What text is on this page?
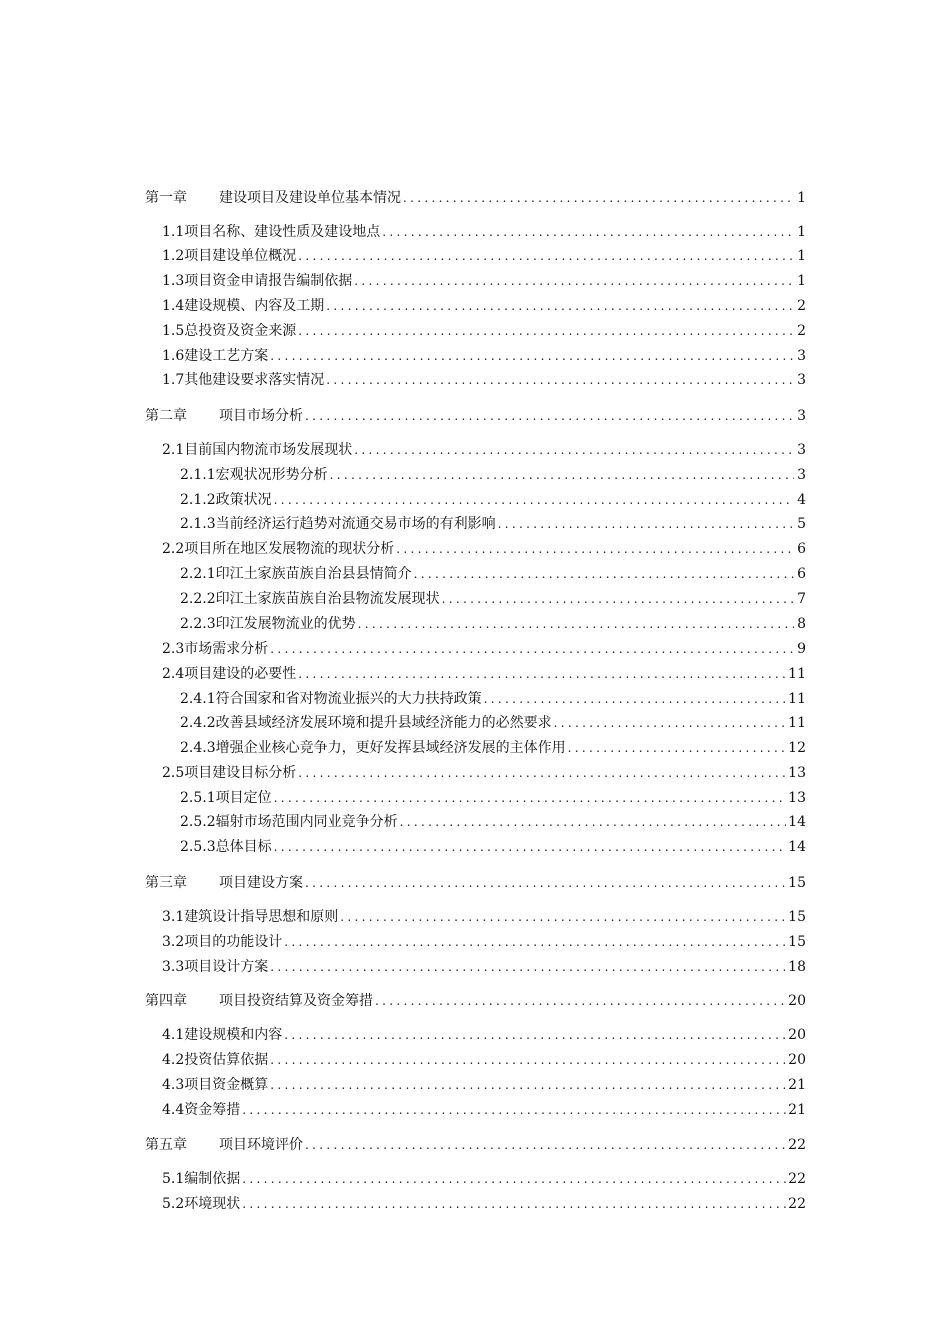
第一章 建设项目及建设单位基本情况 .....	1
1.1 项目名称、建设性质及建设地点 .....	1
1.2 项目建设单位概况 .....	1
1.3 项目资金申请报告编制依据 .....	1
1.4 建设规模、内容及工期 .....	2
1.5 总投资及资金来源 .....	2
1.6 建设工艺方案 .....	3
1.7 其他建设要求落实情况 .....	3
第二章 项目市场分析 .....	3
2.1 目前国内物流市场发展现状 .....	3
2.1.1 宏观状况形势分析 .....	3
2.1.2 政策状况 .....	4
2.1.3 当前经济运行趋势对流通交易市场的有利影响 .....	5
2.2 项目所在地区发展物流的现状分析 .....	6
2.2.1 印江土家族苗族自治县县情简介 .....	6
2.2.2 印江土家族苗族自治县物流发展现状 .....	7
2.2.3 印江发展物流业的优势 .....	8
2.3 市场需求分析 .....	9
2.4 项目建设的必要性 .....	11
2.4.1 符合国家和省对物流业振兴的大力扶持政策 .....	11
2.4.2 改善县域经济发展环境和提升县域经济能力的必然要求 .....	11
2.4.3 增强企业核心竞争力，更好发挥县域经济发展的主体作用 .....	12
2.5 项目建设目标分析 .....	13
2.5.1 项目定位 .....	13
2.5.2 辐射市场范围内同业竞争分析 .....	14
2.5.3 总体目标 .....	14
第三章 项目建设方案 .....	15
3.1 建筑设计指导思想和原则 .....	15
3.2 项目的功能设计 .....	15
3.3 项目设计方案 .....	18
第四章 项目投资结算及资金筹措 .....	20
4.1 建设规模和内容 .....	20
4.2 投资估算依据 .....	20
4.3 项目资金概算 .....	21
4.4 资金筹措 .....	21
第五章 项目环境评价 .....	22
5.1 编制依据 .....	22
5.2 环境现状 .....	22
